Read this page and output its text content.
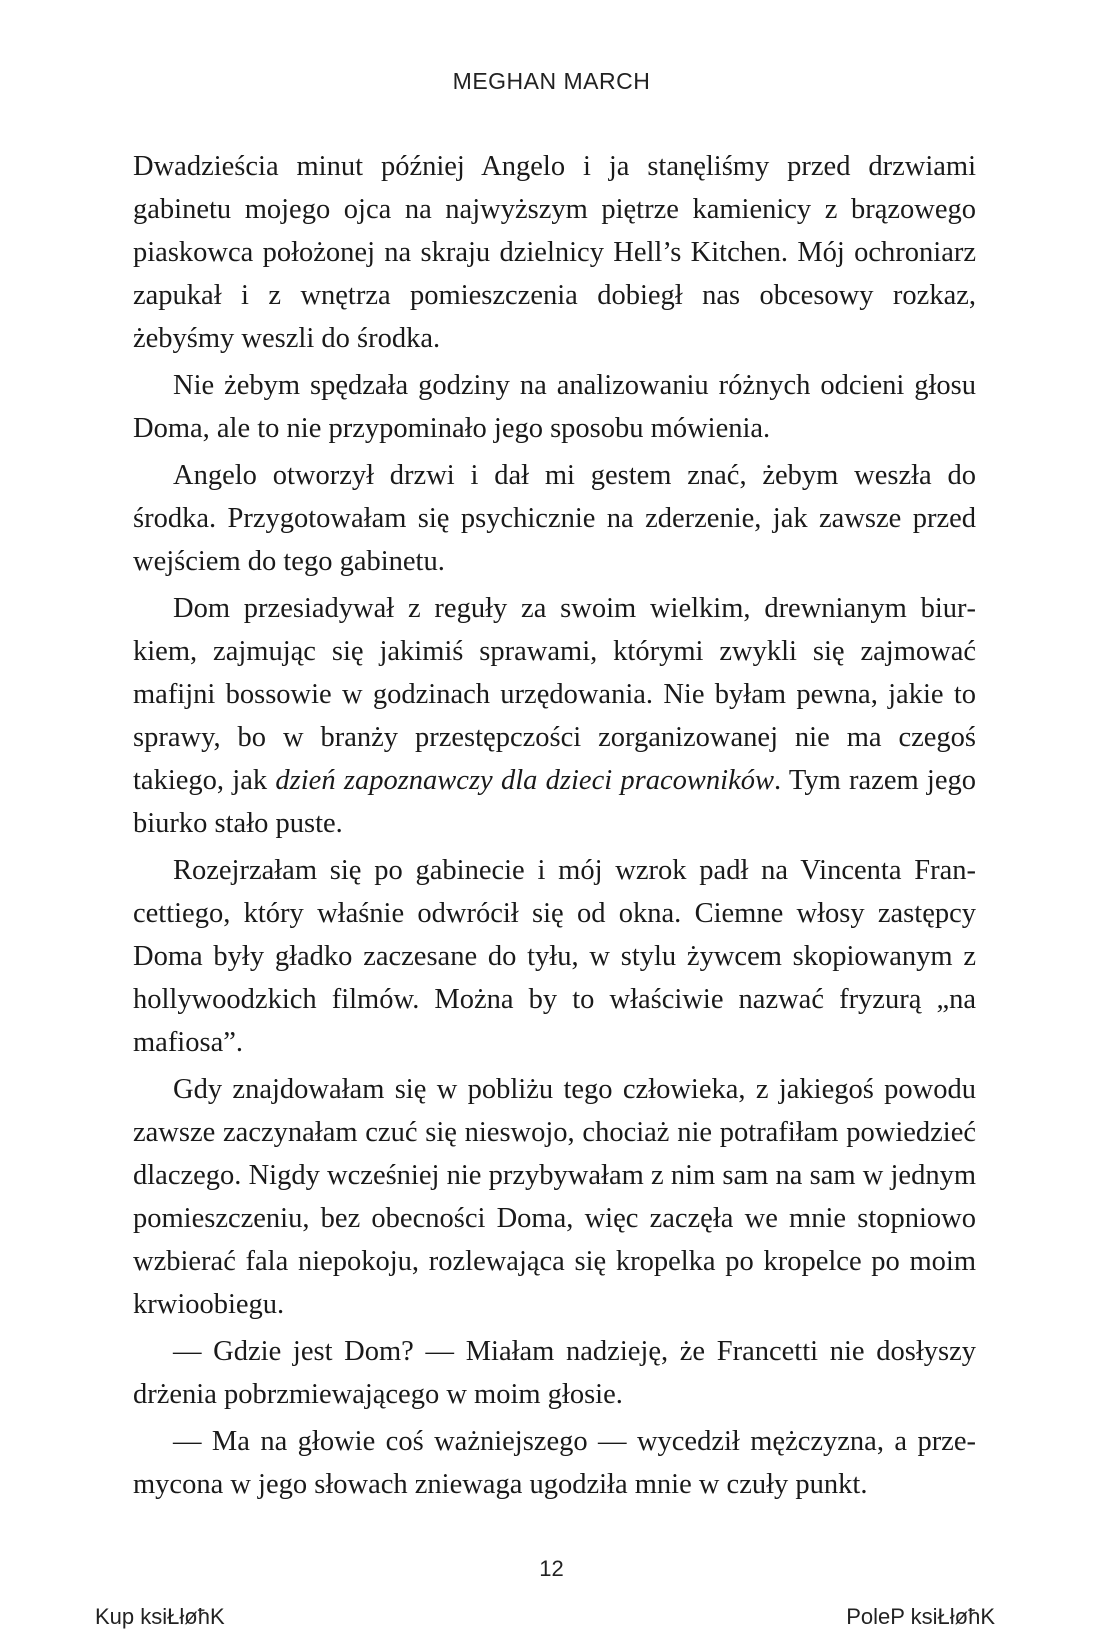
MEGHAN MARCH

Dwadzieścia minut później Angelo i ja stanęliśmy przed drzwiami gabinetu mojego ojca na najwyższym piętrze kamienicy z brązowego piaskowca położonej na skraju dzielnicy Hell’s Kitchen. Mój ochroniarz zapukał i z wnętrza pomieszczenia dobiegł nas obcesowy rozkaz, żebyśmy weszli do środka.

Nie żebym spędzała godziny na analizowaniu różnych odcieni głosu Doma, ale to nie przypominało jego sposobu mówienia.

Angelo otworzył drzwi i dał mi gestem znać, żebym weszła do środka. Przygotowałam się psychicznie na zderzenie, jak zawsze przed wejściem do tego gabinetu.

Dom przesiadywał z reguły za swoim wielkim, drewnianym biurkiem, zajmując się jakimiś sprawami, którymi zwykli się zajmować mafijni bossowie w godzinach urzędowania. Nie byłam pewna, jakie to sprawy, bo w branży przestępczości zorganizowanej nie ma czegoś takiego, jak dzień zapoznawczy dla dzieci pracowników. Tym razem jego biurko stało puste.

Rozejrzałam się po gabinecie i mój wzrok padł na Vincenta Francettiego, który właśnie odwrócił się od okna. Ciemne włosy zastępcy Doma były gładko zaczesane do tyłu, w stylu żywcem skopiowanym z hollywoodzkich filmów. Można by to właściwie nazwać fryzurą „na mafiosa”.

Gdy znajdowałam się w pobliżu tego człowieka, z jakiegoś powodu zawsze zaczynałam czuć się nieswojo, chociaż nie potrafiłam powiedzieć dlaczego. Nigdy wcześniej nie przybywałam z nim sam na sam w jednym pomieszczeniu, bez obecności Doma, więc zaczęła we mnie stopniowo wzbierać fala niepokoju, rozlewająca się kropelka po kropelce po moim krwioobiegu.

— Gdzie jest Dom? — Miałam nadzieję, że Francetti nie dosłyszy drżenia pobrzmiewającego w moim głosie.

— Ma na głowie coś ważniejszego — wycedził mężczyzna, a przemycona w jego słowach zniewaga ugodziła mnie w czuły punkt.

12
Kup ksiŁłøħK	PoleP ksiŁłøħK
